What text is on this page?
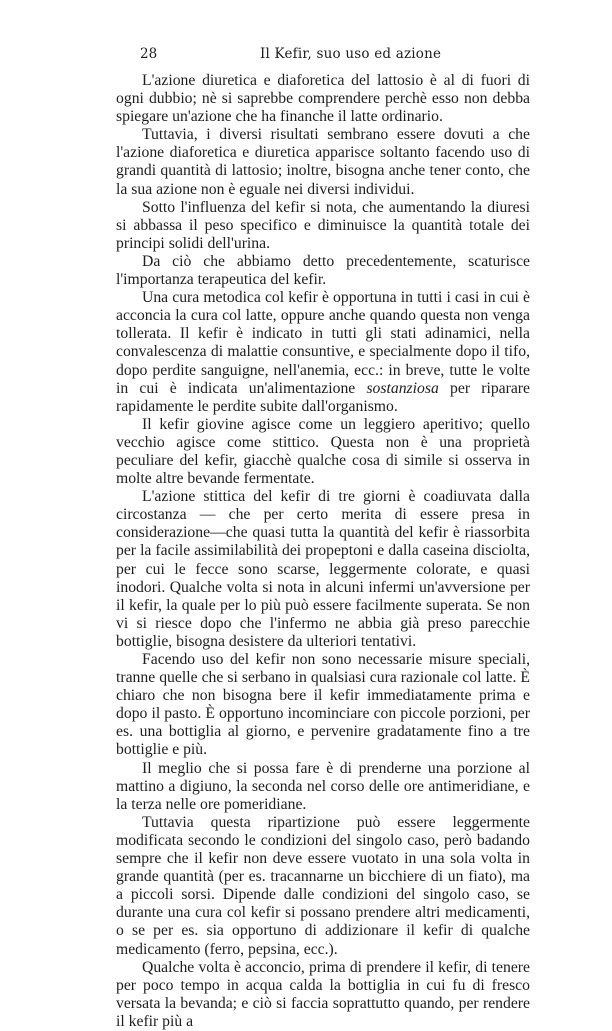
28	Il Kefir, suo uso ed azione

L'azione diuretica e diaforetica del lattosio è al di fuori di ogni dubbio; nè si saprebbe comprendere perchè esso non debba spiegare un'azione che ha finanche il latte ordinario.

Tuttavia, i diversi risultati sembrano essere dovuti a che l'azione diaforetica e diuretica apparisce soltanto facendo uso di grandi quantità di lattosio; inoltre, bisogna anche tener conto, che la sua azione non è eguale nei diversi individui.

Sotto l'influenza del kefir si nota, che aumentando la diuresi si abbassa il peso specifico e diminuisce la quantità totale dei principi solidi dell'urina.

Da ciò che abbiamo detto precedentemente, scaturisce l'importanza terapeutica del kefir.

Una cura metodica col kefir è opportuna in tutti i casi in cui è acconcia la cura col latte, oppure anche quando questa non venga tollerata. Il kefir è indicato in tutti gli stati adinamici, nella convalescenza di malattie consuntive, e specialmente dopo il tifo, dopo perdite sanguigne, nell'anemia, ecc.: in breve, tutte le volte in cui è indicata un'alimentazione sostanziosa per riparare rapidamente le perdite subite dall'organismo.

Il kefir giovine agisce come un leggiero aperitivo; quello vecchio agisce come stittico. Questa non è una proprietà peculiare del kefir, giacchè qualche cosa di simile si osserva in molte altre bevande fermentate.

L'azione stittica del kefir di tre giorni è coadiuvata dalla circostanza — che per certo merita di essere presa in considerazione—che quasi tutta la quantità del kefir è riassorbita per la facile assimilabilità dei propeptoni e dalla caseina disciolta, per cui le fecce sono scarse, leggermente colorate, e quasi inodori. Qualche volta si nota in alcuni infermi un'avversione per il kefir, la quale per lo più può essere facilmente superata. Se non vi si riesce dopo che l'infermo ne abbia già preso parecchie bottiglie, bisogna desistere da ulteriori tentativi.

Facendo uso del kefir non sono necessarie misure speciali, tranne quelle che si serbano in qualsiasi cura razionale col latte. È chiaro che non bisogna bere il kefir immediatamente prima e dopo il pasto. È opportuno incominciare con piccole porzioni, per es. una bottiglia al giorno, e pervenire gradatamente fino a tre bottiglie e più.

Il meglio che si possa fare è di prenderne una porzione al mattino a digiuno, la seconda nel corso delle ore antimeridiane, e la terza nelle ore pomeridiane.

Tuttavia questa ripartizione può essere leggermente modificata secondo le condizioni del singolo caso, però badando sempre che il kefir non deve essere vuotato in una sola volta in grande quantità (per es. tracannarne un bicchiere di un fiato), ma a piccoli sorsi. Dipende dalle condizioni del singolo caso, se durante una cura col kefir si possano prendere altri medicamenti, o se per es. sia opportuno di addizionare il kefir di qualche medicamento (ferro, pepsina, ecc.).

Qualche volta è acconcio, prima di prendere il kefir, di tenere per poco tempo in acqua calda la bottiglia in cui fu di fresco versata la bevanda; e ciò si faccia soprattutto quando, per rendere il kefir più a
